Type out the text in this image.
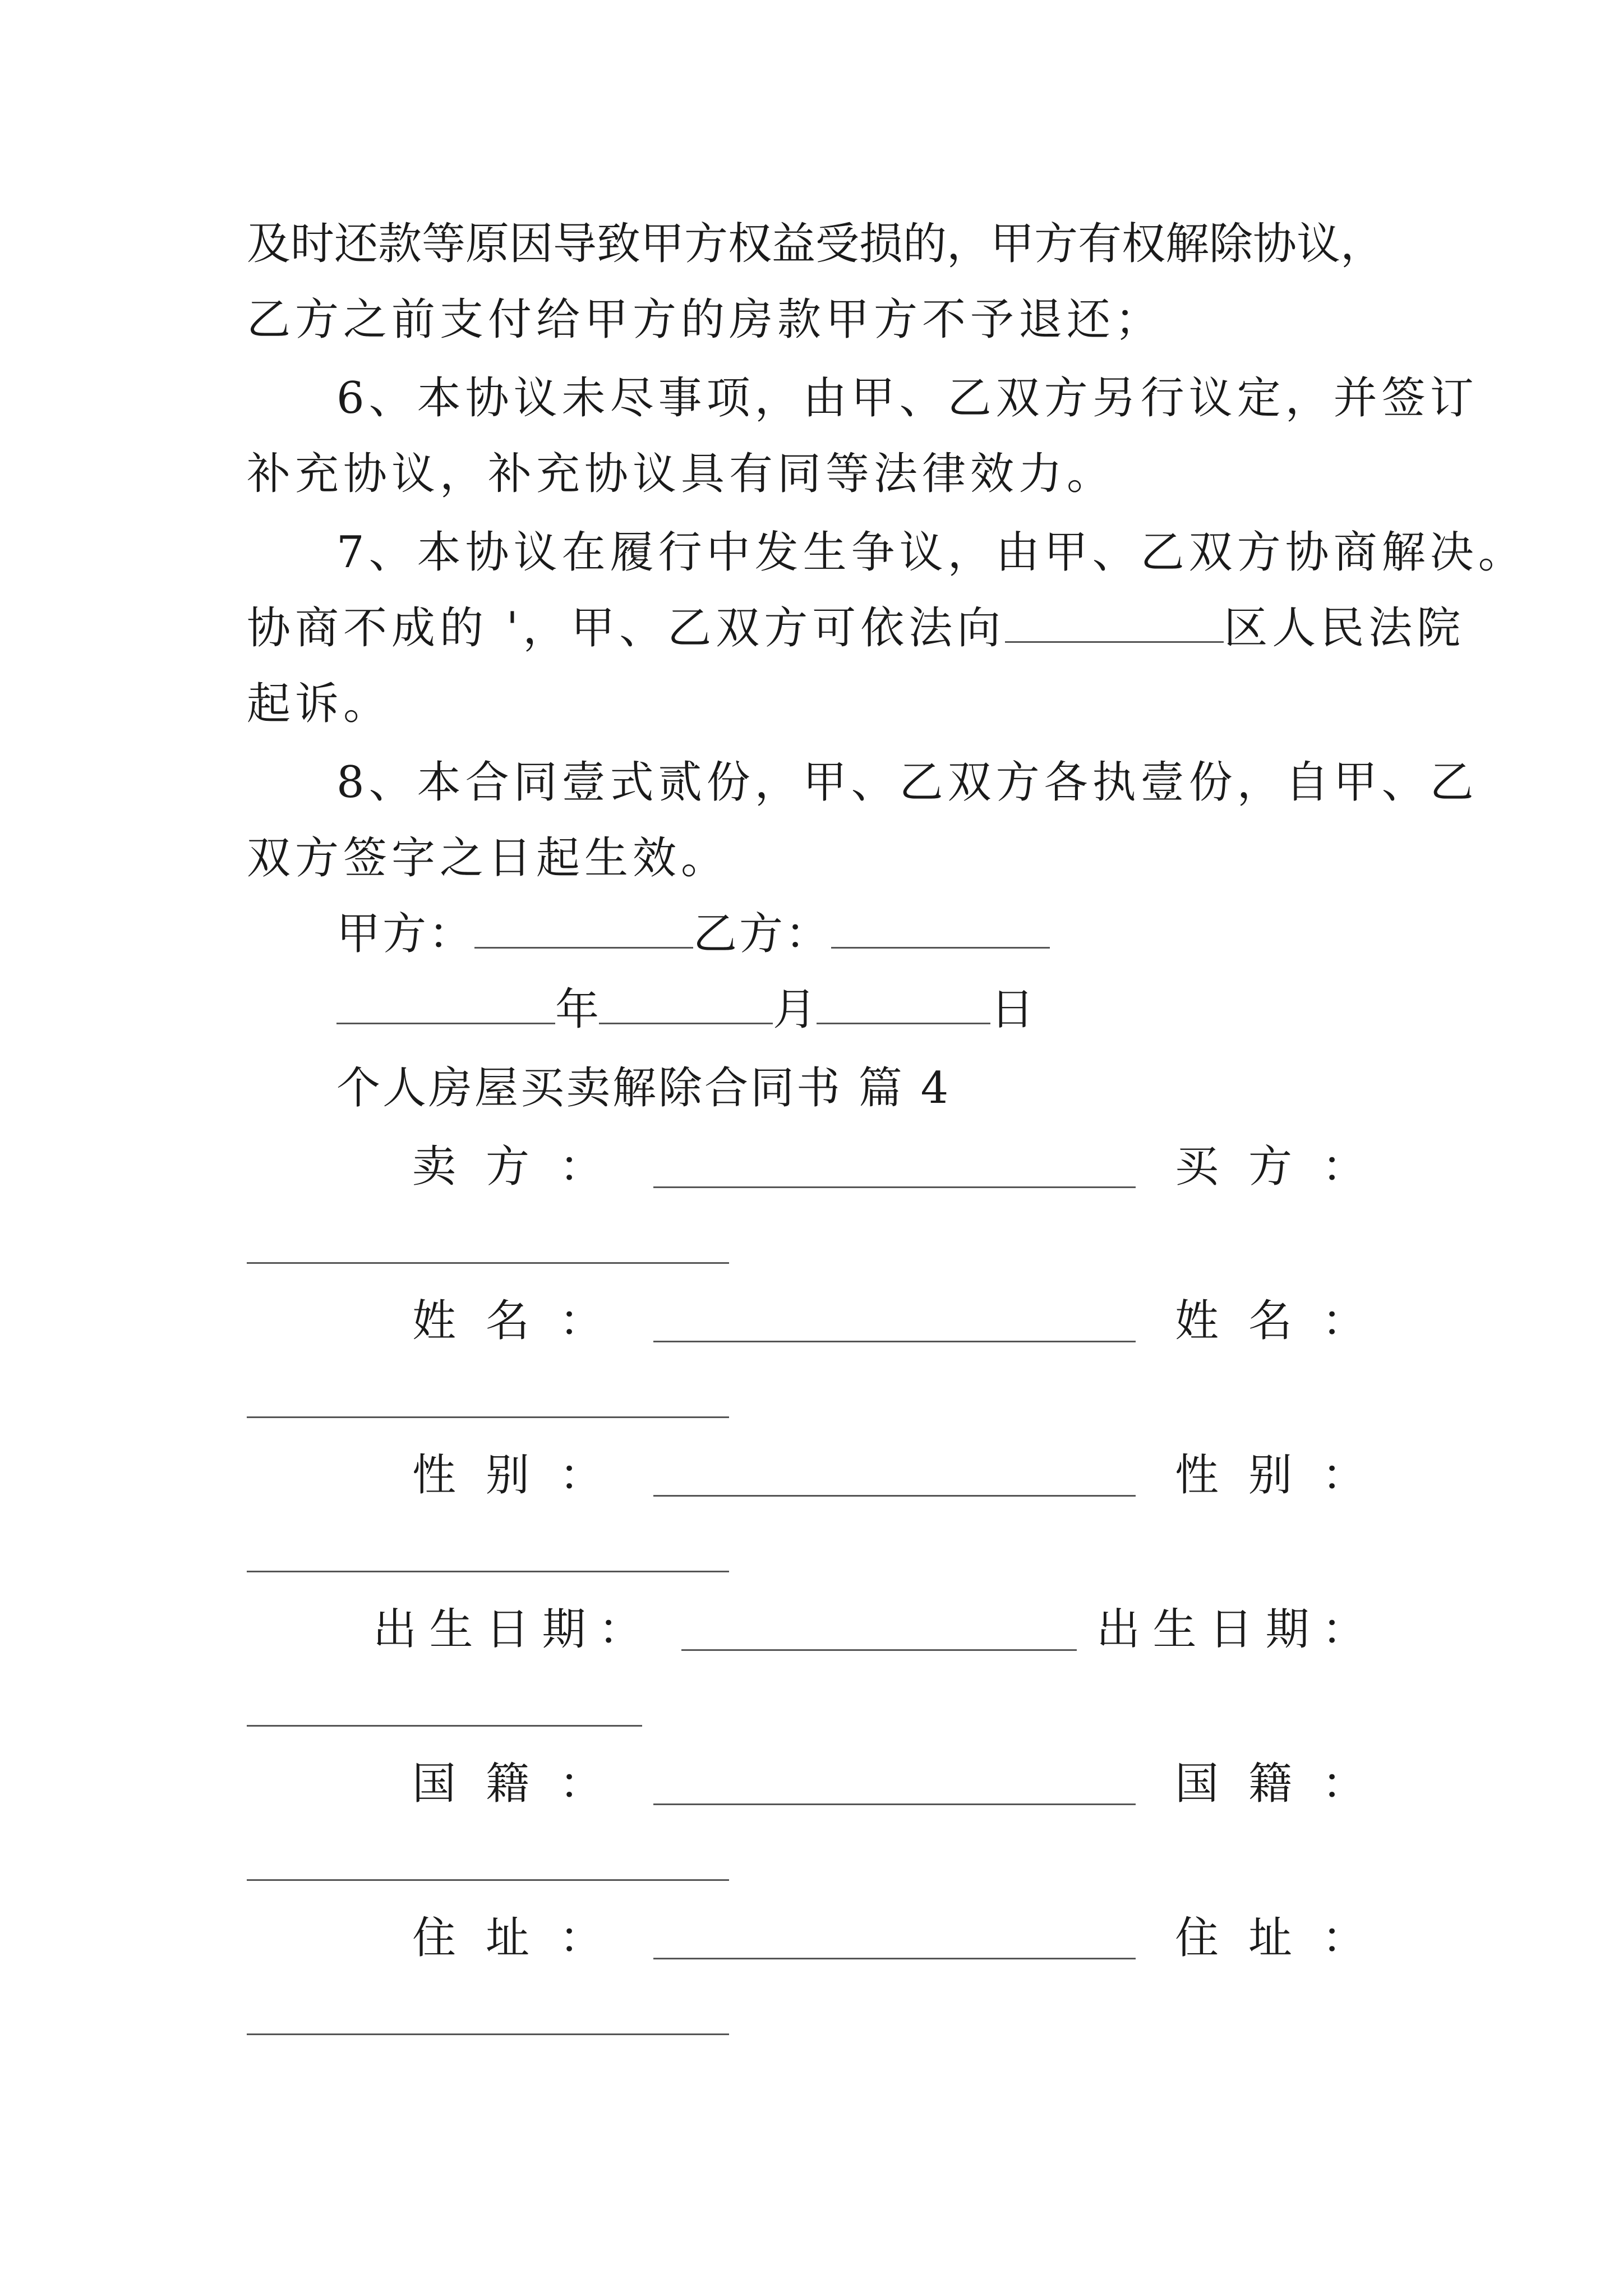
及时还款等原因导致甲方权益受损的，甲方有权解除协议，
乙方之前支付给甲方的房款甲方不予退还；
6、本协议未尽事项，由甲、乙双方另行议定，并签订
补充协议，补充协议具有同等法律效力。
7、本协议在履行中发生争议，由甲、乙双方协商解决。
协商不成的 '，甲、乙双方可依法向	区人民法院
起诉。
8、本合同壹式贰份，甲、乙双方各执壹份，自甲、乙
双方签字之日起生效。
甲方：	乙方：
年	月	日
个人房屋买卖解除合同书 篇 4
卖 方 ：	买 方 ：
姓 名 ：	姓 名 ：
性 别 ：	性 别 ：
出 生 日 期 ：	出 生 日 期 ：
国 籍 ：	国 籍 ：
住 址 ：	住 址 ：
